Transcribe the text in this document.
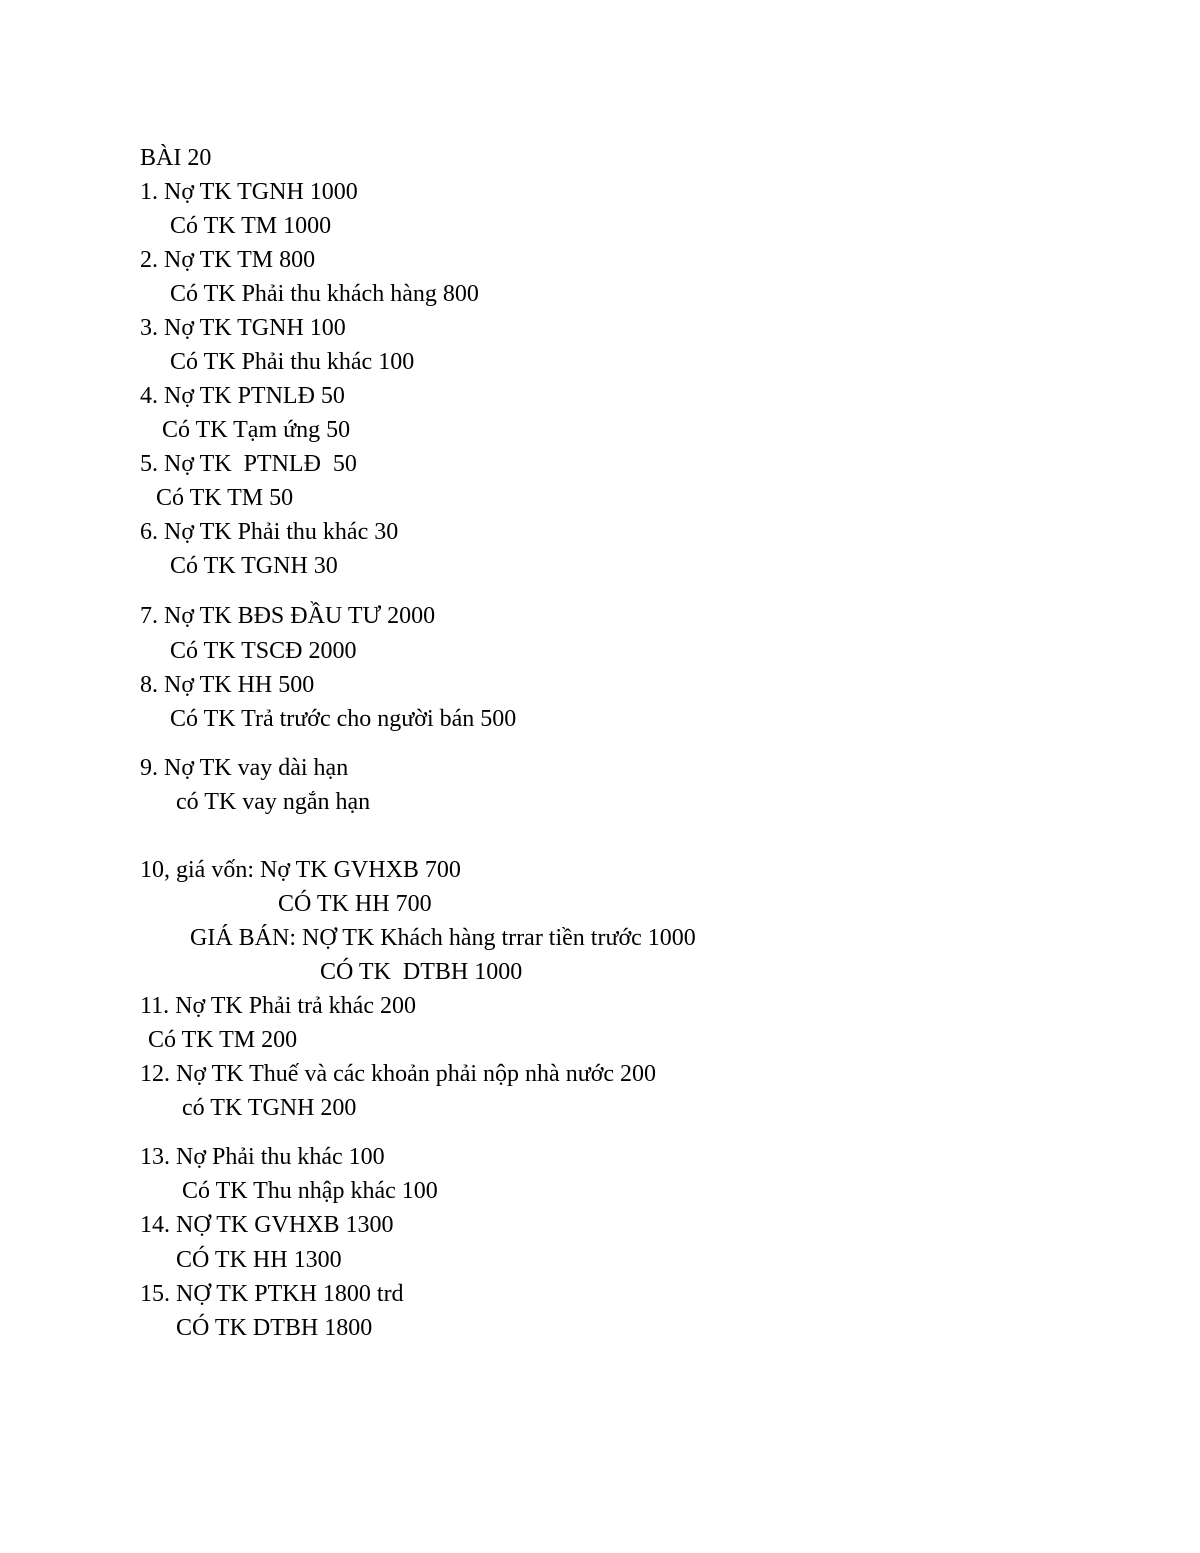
BÀI 20
1. Nợ TK TGNH 1000
Có TK TM 1000
2. Nợ TK TM 800
Có TK Phải thu khách hàng 800
3. Nợ TK TGNH 100
Có TK Phải thu khác 100
4. Nợ TK PTNLĐ 50
Có TK Tạm ứng 50
5. Nợ TK  PTNLĐ  50
Có TK TM 50
6. Nợ TK Phải thu khác 30
Có TK TGNH 30
7. Nợ TK BĐS ĐẦU TƯ 2000
Có TK TSCĐ 2000
8. Nợ TK HH 500
Có TK Trả trước cho người bán 500
9. Nợ TK vay dài hạn
có TK vay ngắn hạn
10, giá vốn: Nợ TK GVHXB 700
CÓ TK HH 700
GIÁ BÁN: NỢ TK Khách hàng trrar tiền trước 1000
CÓ TK  DTBH 1000
11. Nợ TK Phải trả khác 200
Có TK TM 200
12. Nợ TK Thuế và các khoản phải nộp nhà nước 200
có TK TGNH 200
13. Nợ Phải thu khác 100
Có TK Thu nhập khác 100
14. NỢ TK GVHXB 1300
CÓ TK HH 1300
15. NỢ TK PTKH 1800 trd
CÓ TK DTBH 1800
